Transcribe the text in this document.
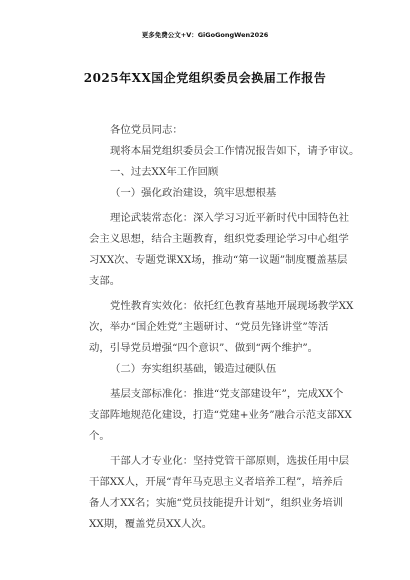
更多免费公文+V：GiGoGongWen2026
2025年XX国企党组织委员会换届工作报告
各位党员同志：
现将本届党组织委员会工作情况报告如下，请予审议。
一、过去XX年工作回顾
（一）强化政治建设，筑牢思想根基
理论武装常态化：深入学习习近平新时代中国特色社
会主义思想，结合主题教育，组织党委理论学习中心组学
习XX次、专题党课XX场，推动“第一议题”制度覆盖基层
支部。
党性教育实效化：依托红色教育基地开展现场教学XX
次，举办“国企姓党”主题研讨、“党员先锋讲堂”等活
动，引导党员增强“四个意识”、做到“两个维护”。
（二）夯实组织基础，锻造过硬队伍
基层支部标准化：推进“党支部建设年”，完成XX个
支部阵地规范化建设，打造“党建+业务”融合示范支部XX
个。
干部人才专业化：坚持党管干部原则，选拔任用中层
干部XX人，开展“青年马克思主义者培养工程”，培养后
备人才XX名；实施“党员技能提升计划”，组织业务培训
XX期，覆盖党员XX人次。
